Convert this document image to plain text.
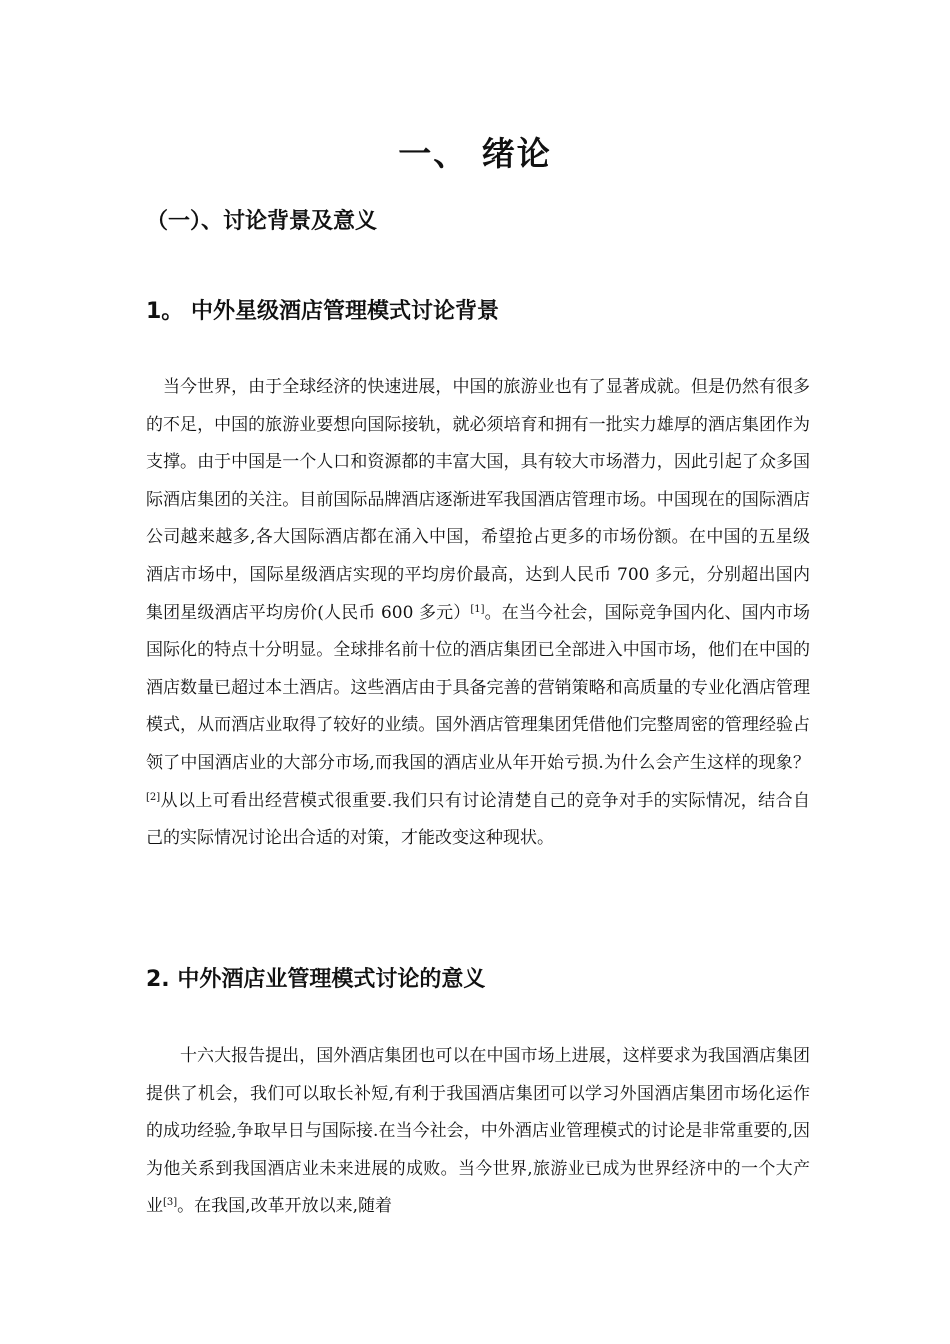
一、 绪论
（一）、讨论背景及意义
1。 中外星级酒店管理模式讨论背景

当今世界，由于全球经济的快速进展，中国的旅游业也有了显著成就。但是仍然有很多的不足，中国的旅游业要想向国际接轨，就必须培育和拥有一批实力雄厚的酒店集团作为支撑。由于中国是一个人口和资源都的丰富大国，具有较大市场潜力，因此引起了众多国际酒店集团的关注。目前国际品牌酒店逐渐进军我国酒店管理市场。中国现在的国际酒店公司越来越多,各大国际酒店都在涌入中国，希望抢占更多的市场份额。在中国的五星级酒店市场中，国际星级酒店实现的平均房价最高，达到人民币 700 多元，分别超出国内集团星级酒店平均房价(人民币 600 多元）[1]。在当今社会，国际竞争国内化、国内市场国际化的特点十分明显。全球排名前十位的酒店集团已全部进入中国市场，他们在中国的酒店数量已超过本土酒店。这些酒店由于具备完善的营销策略和高质量的专业化酒店管理模式，从而酒店业取得了较好的业绩。国外酒店管理集团凭借他们完整周密的管理经验占领了中国酒店业的大部分市场,而我国的酒店业从年开始亏损.为什么会产生这样的现象？[2]从以上可看出经营模式很重要.我们只有讨论清楚自己的竞争对手的实际情况，结合自己的实际情况讨论出合适的对策，才能改变这种现状。

2. 中外酒店业管理模式讨论的意义

十六大报告提出，国外酒店集团也可以在中国市场上进展，这样要求为我国酒店集团提供了机会，我们可以取长补短,有利于我国酒店集团可以学习外国酒店集团市场化运作的成功经验,争取早日与国际接.在当今社会，中外酒店业管理模式的讨论是非常重要的,因为他关系到我国酒店业未来进展的成败。当今世界,旅游业已成为世界经济中的一个大产业[3]。在我国,改革开放以来,随着
